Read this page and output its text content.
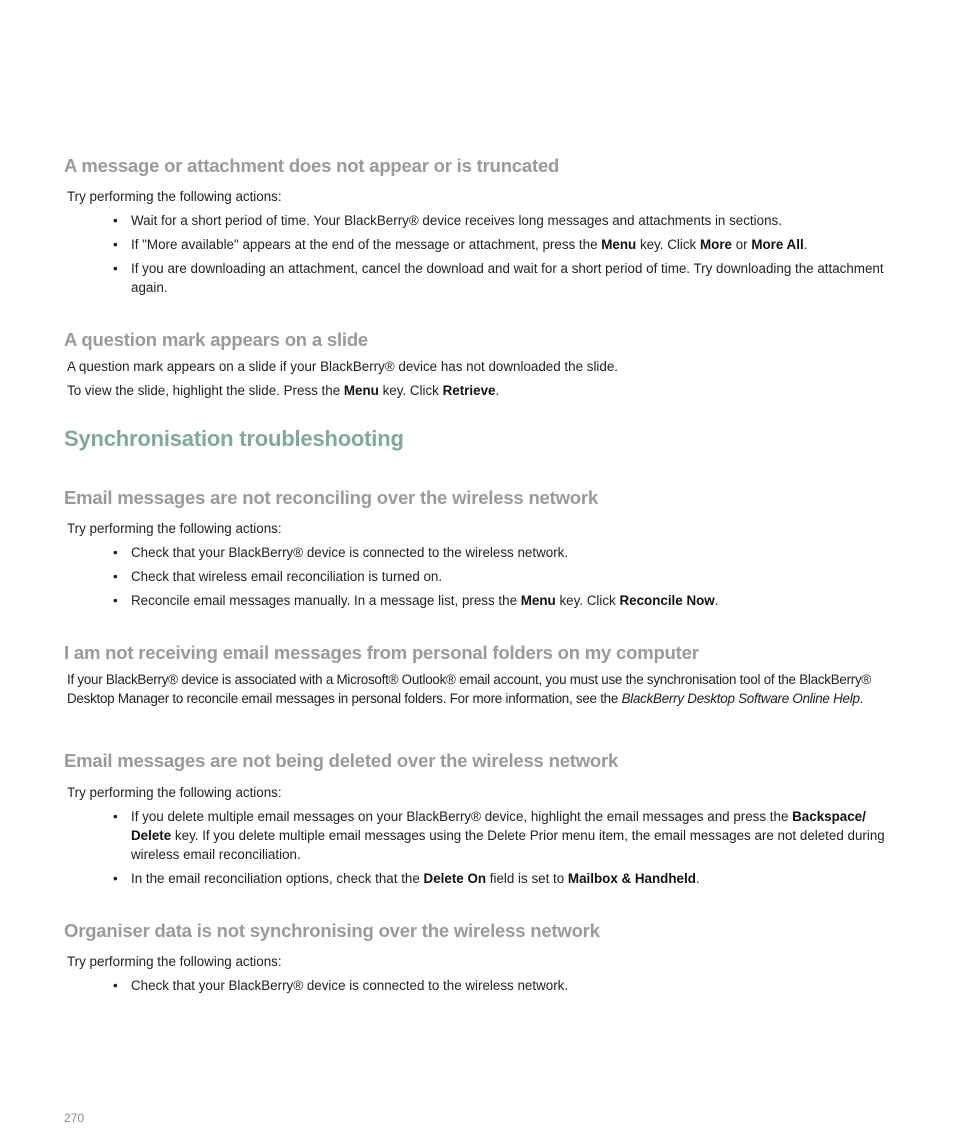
A message or attachment does not appear or is truncated

Try performing the following actions:

• Wait for a short period of time. Your BlackBerry® device receives long messages and attachments in sections.
• If "More available" appears at the end of the message or attachment, press the Menu key. Click More or More All.
• If you are downloading an attachment, cancel the download and wait for a short period of time. Try downloading the attachment again.
A question mark appears on a slide

A question mark appears on a slide if your BlackBerry® device has not downloaded the slide.

To view the slide, highlight the slide. Press the Menu key. Click Retrieve.

Synchronisation troubleshooting
Email messages are not reconciling over the wireless network

Try performing the following actions:

• Check that your BlackBerry® device is connected to the wireless network.
• Check that wireless email reconciliation is turned on.
• Reconcile email messages manually. In a message list, press the Menu key. Click Reconcile Now.
I am not receiving email messages from personal folders on my computer

If your BlackBerry® device is associated with a Microsoft® Outlook® email account, you must use the synchronisation tool of the BlackBerry® Desktop Manager to reconcile email messages in personal folders. For more information, see the BlackBerry Desktop Software Online Help.

Email messages are not being deleted over the wireless network

Try performing the following actions:

• If you delete multiple email messages on your BlackBerry® device, highlight the email messages and press the Backspace/ Delete key. If you delete multiple email messages using the Delete Prior menu item, the email messages are not deleted during wireless email reconciliation.
• In the email reconciliation options, check that the Delete On field is set to Mailbox & Handheld.
Organiser data is not synchronising over the wireless network

Try performing the following actions:

• Check that your BlackBerry® device is connected to the wireless network.
270
